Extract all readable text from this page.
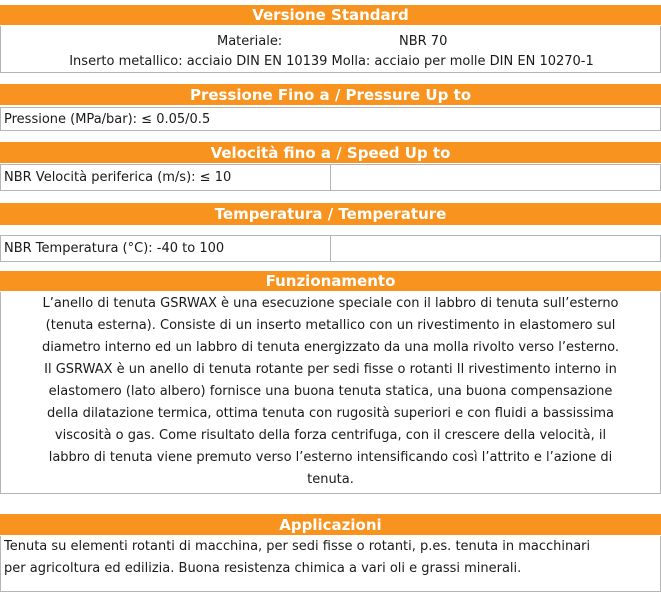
Versione Standard
Materiale:	NBR 70
Inserto metallico: acciaio DIN EN 10139 Molla: acciaio per molle DIN EN 10270-1
Pressione Fino a / Pressure Up to
Pressione (MPa/bar): ≤ 0.05/0.5
Velocità fino a / Speed Up to
NBR Velocità periferica (m/s): ≤ 10
Temperatura / Temperature
NBR Temperatura (°C): -40 to 100
Funzionamento
L’anello di tenuta GSRWAX è una esecuzione speciale con il labbro di tenuta sull’esterno
(tenuta esterna). Consiste di un inserto metallico con un rivestimento in elastomero sul
diametro interno ed un labbro di tenuta energizzato da una molla rivolto verso l’esterno.
Il GSRWAX è un anello di tenuta rotante per sedi fisse o rotanti Il rivestimento interno in
elastomero (lato albero) fornisce una buona tenuta statica, una buona compensazione
della dilatazione termica, ottima tenuta con rugosità superiori e con fluidi a bassissima
viscosità o gas. Come risultato della forza centrifuga, con il crescere della velocità, il
labbro di tenuta viene premuto verso l’esterno intensificando così l’attrito e l’azione di
tenuta.
Applicazioni
Tenuta su elementi rotanti di macchina, per sedi fisse o rotanti, p.es. tenuta in macchinari
per agricoltura ed edilizia. Buona resistenza chimica a vari oli e grassi minerali.
